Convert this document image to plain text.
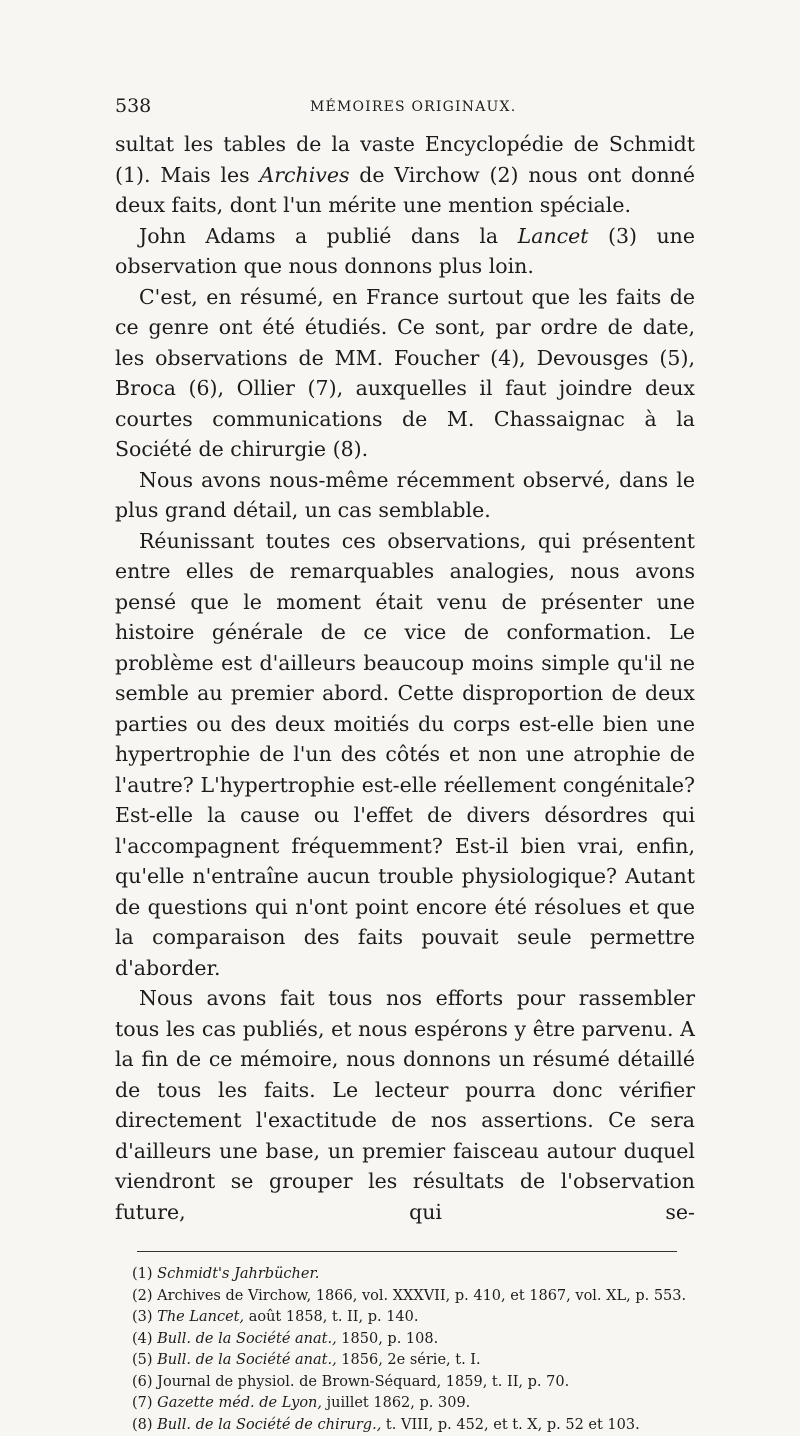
538	MÉMOIRES ORIGINAUX.

sultat les tables de la vaste Encyclopédie de Schmidt (1). Mais les Archives de Virchow (2) nous ont donné deux faits, dont l'un mérite une mention spéciale.

John Adams a publié dans la Lancet (3) une observation que nous donnons plus loin.

C'est, en résumé, en France surtout que les faits de ce genre ont été étudiés. Ce sont, par ordre de date, les observations de MM. Foucher (4), Devousges (5), Broca (6), Ollier (7), auxquelles il faut joindre deux courtes communications de M. Chassaignac à la Société de chirurgie (8).

Nous avons nous-même récemment observé, dans le plus grand détail, un cas semblable.

Réunissant toutes ces observations, qui présentent entre elles de remarquables analogies, nous avons pensé que le moment était venu de présenter une histoire générale de ce vice de conformation. Le problème est d'ailleurs beaucoup moins simple qu'il ne semble au premier abord. Cette disproportion de deux parties ou des deux moitiés du corps est-elle bien une hypertrophie de l'un des côtés et non une atrophie de l'autre? L'hypertrophie est-elle réellement congénitale? Est-elle la cause ou l'effet de divers désordres qui l'accompagnent fréquemment? Est-il bien vrai, enfin, qu'elle n'entraîne aucun trouble physiologique? Autant de questions qui n'ont point encore été résolues et que la comparaison des faits pouvait seule permettre d'aborder.

Nous avons fait tous nos efforts pour rassembler tous les cas publiés, et nous espérons y être parvenu. A la fin de ce mémoire, nous donnons un résumé détaillé de tous les faits. Le lecteur pourra donc vérifier directement l'exactitude de nos assertions. Ce sera d'ailleurs une base, un premier faisceau autour duquel viendront se grouper les résultats de l'observation future, qui se-

(1) Schmidt's Jahrbücher.
(2) Archives de Virchow, 1866, vol. XXXVII, p. 410, et 1867, vol. XL, p. 553.
(3) The Lancet, août 1858, t. II, p. 140.
(4) Bull. de la Société anat., 1850, p. 108.
(5) Bull. de la Société anat., 1856, 2e série, t. I.
(6) Journal de physiol. de Brown-Séquard, 1859, t. II, p. 70.
(7) Gazette méd. de Lyon, juillet 1862, p. 309.
(8) Bull. de la Société de chirurg., t. VIII, p. 452, et t. X, p. 52 et 103.
